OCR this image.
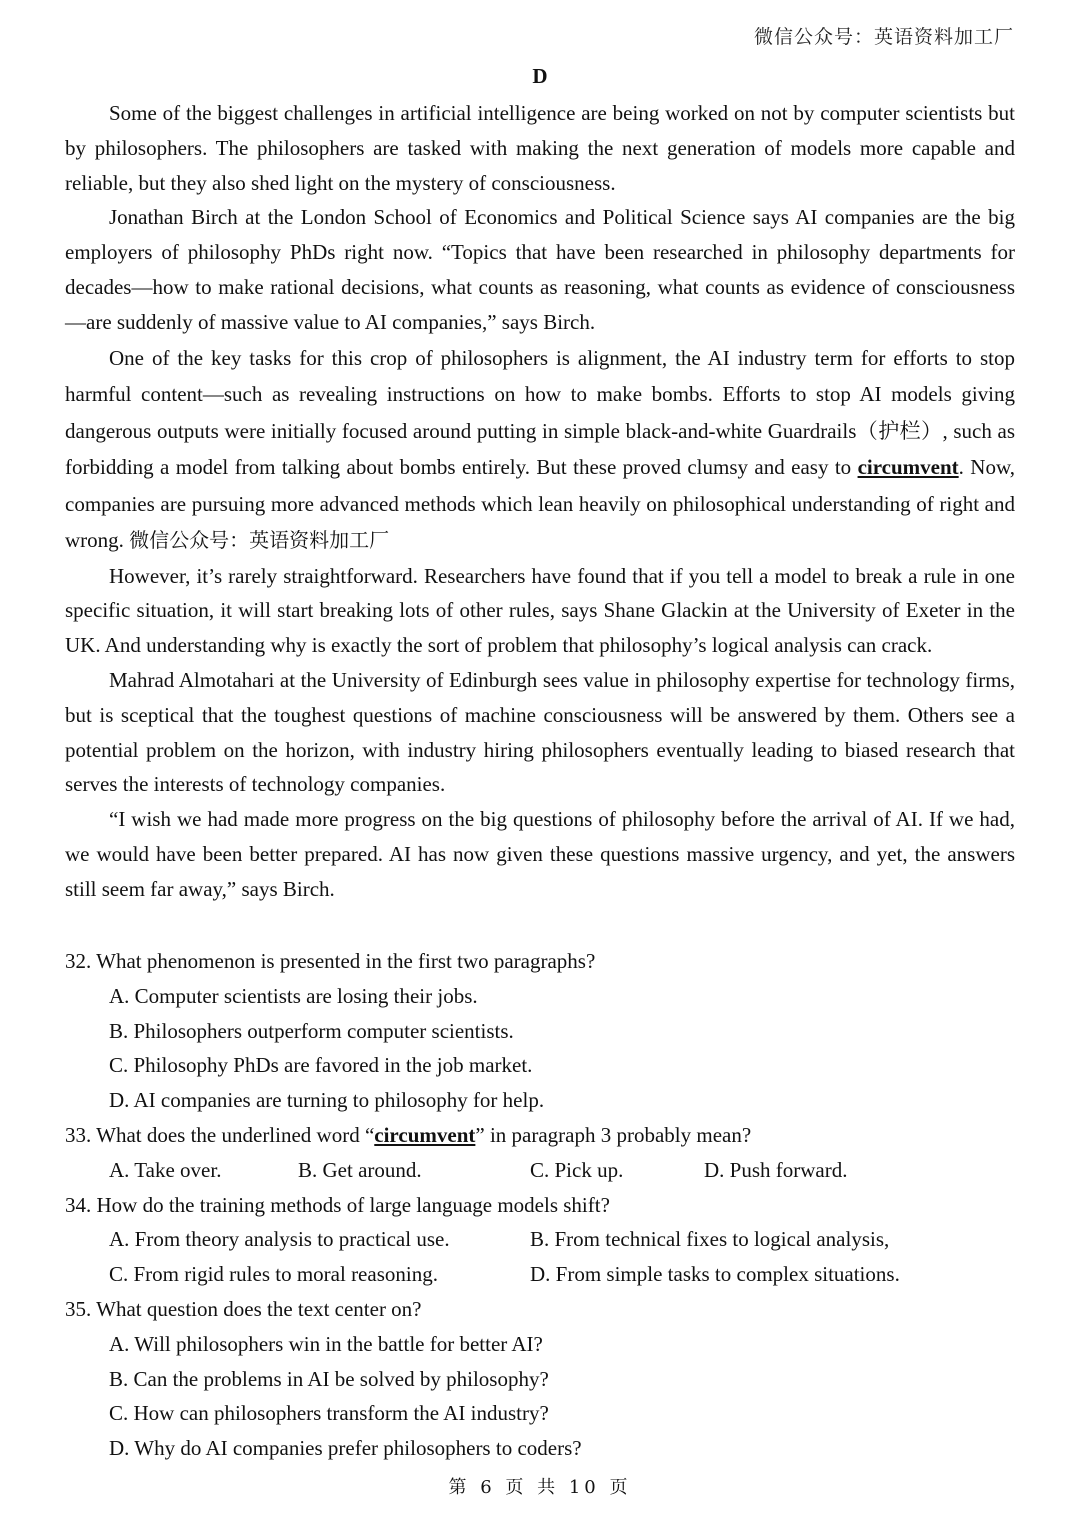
微信公众号：英语资料加工厂
D

Some of the biggest challenges in artificial intelligence are being worked on not by computer scientists but by philosophers. The philosophers are tasked with making the next generation of models more capable and reliable, but they also shed light on the mystery of consciousness.

Jonathan Birch at the London School of Economics and Political Science says AI companies are the big employers of philosophy PhDs right now. “Topics that have been researched in philosophy departments for decades—how to make rational decisions, what counts as reasoning, what counts as evidence of consciousness—are suddenly of massive value to AI companies,” says Birch.

One of the key tasks for this crop of philosophers is alignment, the AI industry term for efforts to stop harmful content—such as revealing instructions on how to make bombs. Efforts to stop AI models giving dangerous outputs were initially focused around putting in simple black-and-white Guardrails（护栏）, such as forbidding a model from talking about bombs entirely. But these proved clumsy and easy to circumvent. Now, companies are pursuing more advanced methods which lean heavily on philosophical understanding of right and wrong. 微信公众号：英语资料加工厂

However, it’s rarely straightforward. Researchers have found that if you tell a model to break a rule in one specific situation, it will start breaking lots of other rules, says Shane Glackin at the University of Exeter in the UK. And understanding why is exactly the sort of problem that philosophy’s logical analysis can crack.

Mahrad Almotahari at the University of Edinburgh sees value in philosophy expertise for technology firms, but is sceptical that the toughest questions of machine consciousness will be answered by them. Others see a potential problem on the horizon, with industry hiring philosophers eventually leading to biased research that serves the interests of technology companies.

“I wish we had made more progress on the big questions of philosophy before the arrival of AI. If we had, we would have been better prepared. AI has now given these questions massive urgency, and yet, the answers still seem far away,” says Birch.

32. What phenomenon is presented in the first two paragraphs?

A. Computer scientists are losing their jobs.

B. Philosophers outperform computer scientists.

C. Philosophy PhDs are favored in the job market.

D. AI companies are turning to philosophy for help.

33. What does the underlined word “circumvent” in paragraph 3 probably mean?

A. Take over.	B. Get around.	C. Pick up.	D. Push forward.

34. How do the training methods of large language models shift?

A. From theory analysis to practical use.	B. From technical fixes to logical analysis,
C. From rigid rules to moral reasoning.	D. From simple tasks to complex situations.

35. What question does the text center on?

A. Will philosophers win in the battle for better AI?

B. Can the problems in AI be solved by philosophy?

C. How can philosophers transform the AI industry?

D. Why do AI companies prefer philosophers to coders?

第 6 页 共 10 页
